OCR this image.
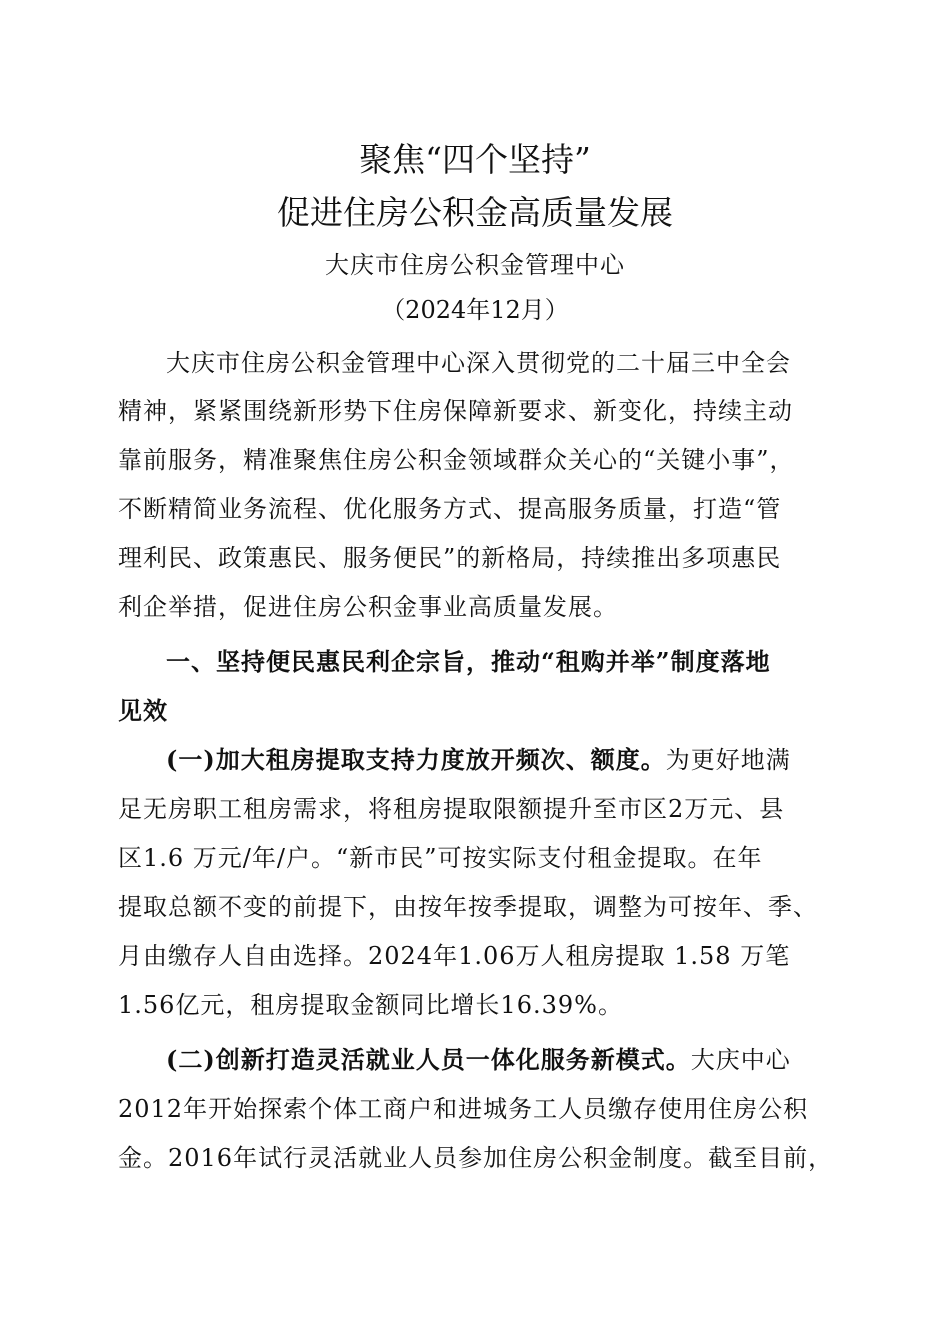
聚焦“四个坚持”
促进住房公积金高质量发展
大庆市住房公积金管理中心
（2024年12月）
大庆市住房公积金管理中心深入贯彻党的二十届三中全会
精神，紧紧围绕新形势下住房保障新要求、新变化，持续主动
靠前服务，精准聚焦住房公积金领域群众关心的“关键小事”，
不断精简业务流程、优化服务方式、提高服务质量，打造“管
理利民、政策惠民、服务便民”的新格局，持续推出多项惠民
利企举措，促进住房公积金事业高质量发展。
一、坚持便民惠民利企宗旨，推动“租购并举”制度落地
见效
(一)加大租房提取支持力度放开频次、额度。为更好地满
足无房职工租房需求，将租房提取限额提升至市区2万元、县
区1.6 万元/年/户。“新市民”可按实际支付租金提取。在年
提取总额不变的前提下，由按年按季提取，调整为可按年、季、
月由缴存人自由选择。2024年1.06万人租房提取 1.58 万笔
1.56亿元，租房提取金额同比增长16.39%。
(二)创新打造灵活就业人员一体化服务新模式。大庆中心
2012年开始探索个体工商户和进城务工人员缴存使用住房公积
金。2016年试行灵活就业人员参加住房公积金制度。截至目前，
